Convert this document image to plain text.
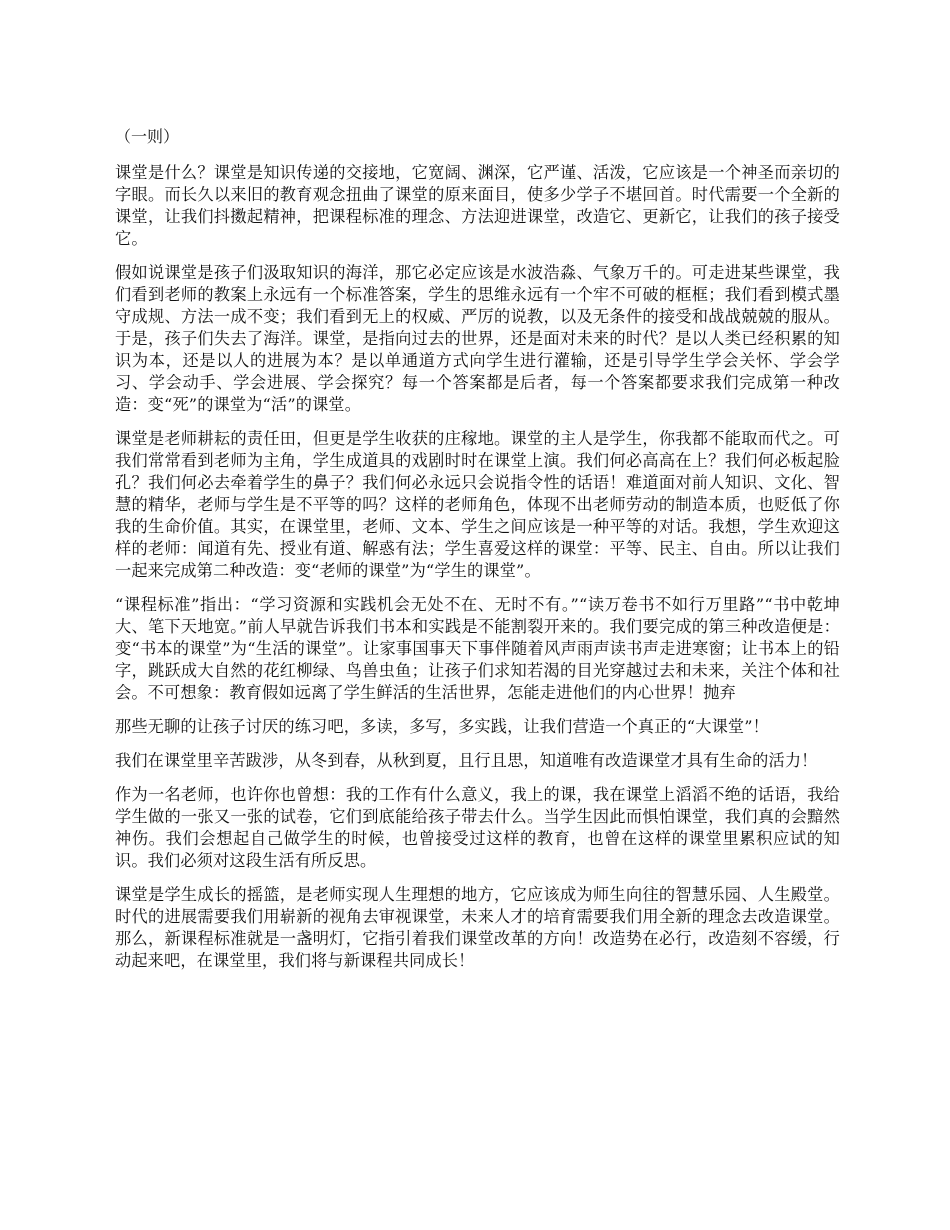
（一则）

课堂是什么？课堂是知识传递的交接地，它宽阔、渊深，它严谨、活泼，它应该是一个神圣而亲切的字眼。而长久以来旧的教育观念扭曲了课堂的原来面目，使多少学子不堪回首。时代需要一个全新的课堂，让我们抖擞起精神，把课程标准的理念、方法迎进课堂，改造它、更新它，让我们的孩子接受它。

假如说课堂是孩子们汲取知识的海洋，那它必定应该是水波浩淼、气象万千的。可走进某些课堂，我们看到老师的教案上永远有一个标准答案，学生的思维永远有一个牢不可破的框框；我们看到模式墨守成规、方法一成不变；我们看到无上的权威、严厉的说教，以及无条件的接受和战战兢兢的服从。于是，孩子们失去了海洋。课堂，是指向过去的世界，还是面对未来的时代？是以人类已经积累的知识为本，还是以人的进展为本？是以单通道方式向学生进行灌输，还是引导学生学会关怀、学会学习、学会动手、学会进展、学会探究？每一个答案都是后者，每一个答案都要求我们完成第一种改造：变“死”的课堂为“活”的课堂。

课堂是老师耕耘的责任田，但更是学生收获的庄稼地。课堂的主人是学生，你我都不能取而代之。可我们常常看到老师为主角，学生成道具的戏剧时时在课堂上演。我们何必高高在上？我们何必板起脸孔？我们何必去牵着学生的鼻子？我们何必永远只会说指令性的话语！难道面对前人知识、文化、智慧的精华，老师与学生是不平等的吗？这样的老师角色，体现不出老师劳动的制造本质，也贬低了你我的生命价值。其实，在课堂里，老师、文本、学生之间应该是一种平等的对话。我想，学生欢迎这样的老师：闻道有先、授业有道、解惑有法；学生喜爱这样的课堂：平等、民主、自由。所以让我们一起来完成第二种改造：变“老师的课堂”为“学生的课堂”。

“课程标准”指出：“学习资源和实践机会无处不在、无时不有。”“读万卷书不如行万里路”“书中乾坤大、笔下天地宽。”前人早就告诉我们书本和实践是不能割裂开来的。我们要完成的第三种改造便是：变“书本的课堂”为“生活的课堂”。让家事国事天下事伴随着风声雨声读书声走进寒窗；让书本上的铅字，跳跃成大自然的花红柳绿、鸟兽虫鱼；让孩子们求知若渴的目光穿越过去和未来，关注个体和社会。不可想象：教育假如远离了学生鲜活的生活世界，怎能走进他们的内心世界！抛弃

那些无聊的让孩子讨厌的练习吧，多读，多写，多实践，让我们营造一个真正的“大课堂”！

我们在课堂里辛苦跋涉，从冬到春，从秋到夏，且行且思，知道唯有改造课堂才具有生命的活力！

作为一名老师，也许你也曾想：我的工作有什么意义，我上的课，我在课堂上滔滔不绝的话语，我给学生做的一张又一张的试卷，它们到底能给孩子带去什么。当学生因此而惧怕课堂，我们真的会黯然神伤。我们会想起自己做学生的时候，也曾接受过这样的教育，也曾在这样的课堂里累积应试的知识。我们必须对这段生活有所反思。

课堂是学生成长的摇篮，是老师实现人生理想的地方，它应该成为师生向往的智慧乐园、人生殿堂。时代的进展需要我们用崭新的视角去审视课堂，未来人才的培育需要我们用全新的理念去改造课堂。那么，新课程标准就是一盏明灯，它指引着我们课堂改革的方向！改造势在必行，改造刻不容缓，行动起来吧，在课堂里，我们将与新课程共同成长！
